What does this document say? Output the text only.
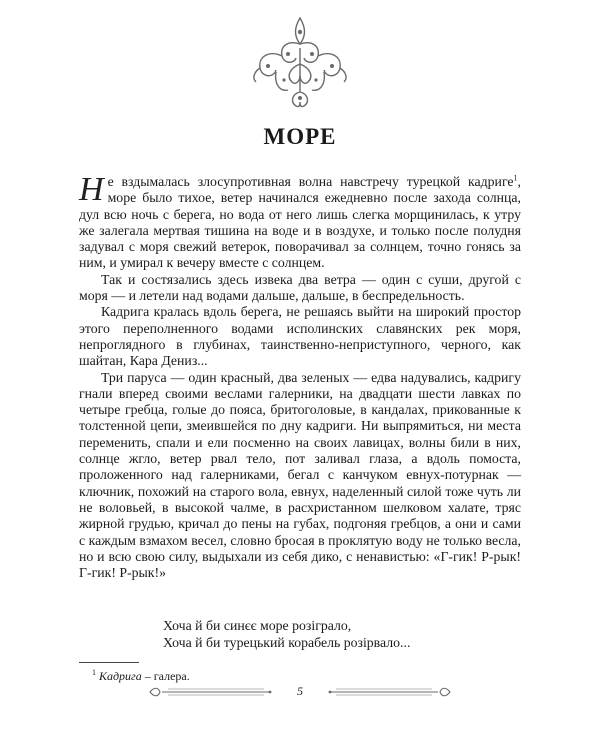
МОРЕ

Не вздымалась злосупротивная волна навстречу турецкой кадриге$^1$, море было тихое, ветер начинался ежедневно после захода солнца, дул всю ночь с берега, но вода от него лишь слегка морщинилась, к утру же залегала мертвая тишина на воде и в воздухе, и только после полудня задувал с моря свежий ветерок, поворачивал за солнцем, точно гонясь за ним, и умирал к вечеру вместе с солнцем.

Так и состязались здесь извека два ветра — один с суши, другой с моря — и летели над водами дальше, дальше, в беспредельность.

Кадрига кралась вдоль берега, не решаясь выйти на широкий простор этого переполненного водами исполинских славянских рек моря, непроглядного в глубинах, таинственно-неприступного, черного, как шайтан, Кара Дениз...

Три паруса — один красный, два зеленых — едва надувались, кадригу гнали вперед своими веслами галерники, на двадцати шести лавках по четыре гребца, голые до пояса, бритоголовые, в кандалах, прикованные к толстенной цепи, змеившейся по дну кадриги. Ни выпрямиться, ни места переменить, спали и ели посменно на своих лавицах, волны били в них, солнце жгло, ветер рвал тело, пот заливал глаза, а вдоль помоста, проложенного над галерниками, бегал с канчуком евнух-потурнак — ключник, похожий на старого вола, евнух, наделенный силой тоже чуть ли не воловьей, в высокой чалме, в расхристанном шелковом халате, тряс жирной грудью, кричал до пены на губах, подгоняя гребцов, а они и сами с каждым взмахом весел, словно бросая в проклятую воду не только весла, но и всю свою силу, выдыхали из себя дико, с ненавистью: «Г-гик! Р-рык! Г-гик! Р-рык!»

Хоча й би синєє море розіграло,
Хоча й би турецький корабель розірвало...
$^1$ Кадрига – галера.
5
